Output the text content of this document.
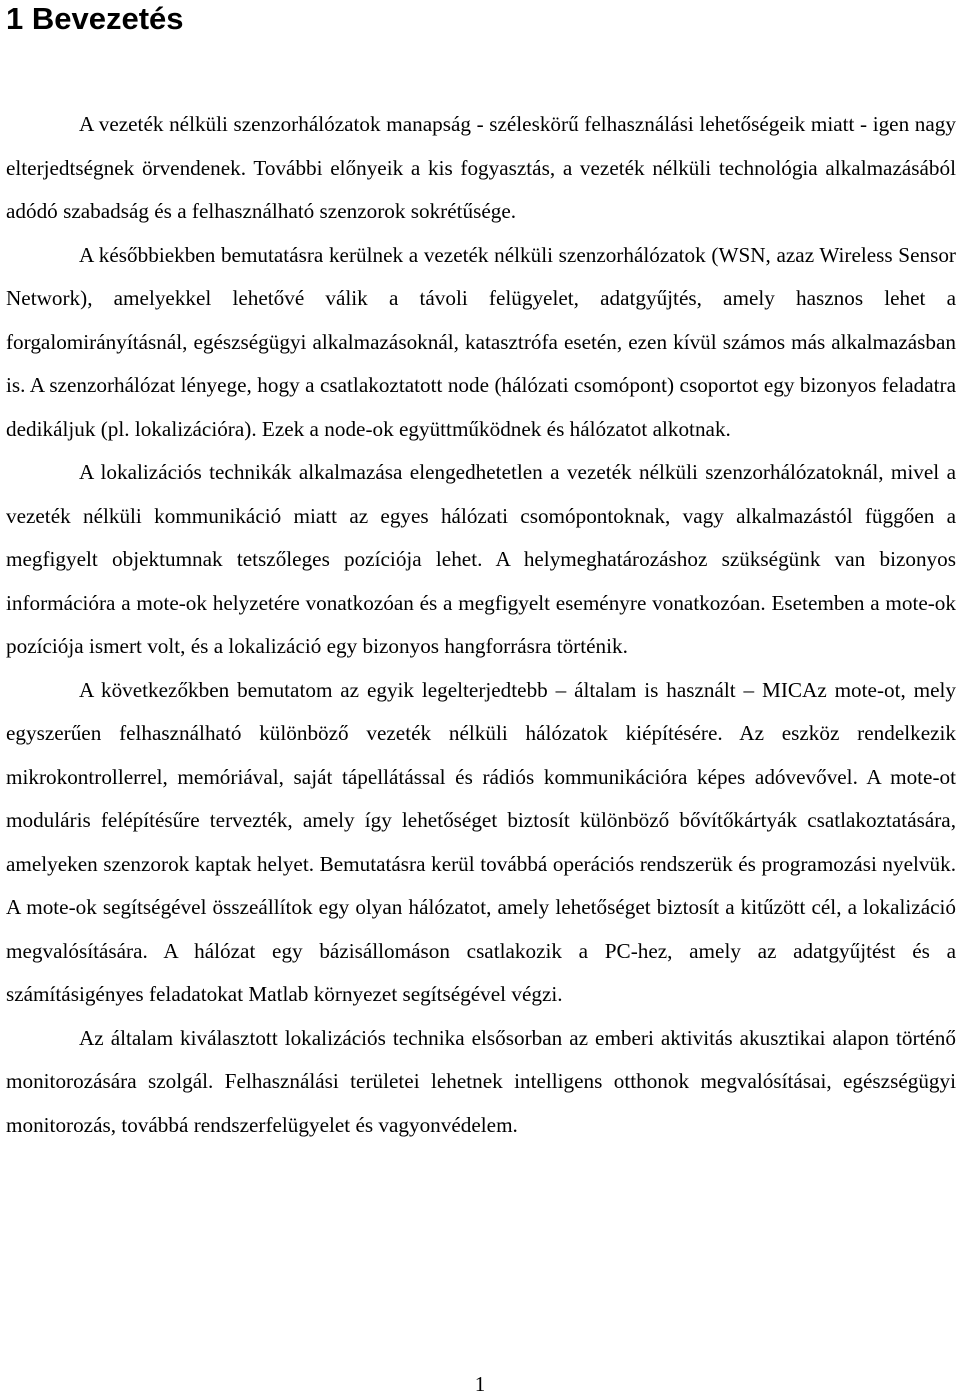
1 Bevezetés

A vezeték nélküli szenzorhálózatok manapság - széleskörű felhasználási lehetőségeik miatt - igen nagy elterjedtségnek örvendenek. További előnyeik a kis fogyasztás, a vezeték nélküli technológia alkalmazásából adódó szabadság és a felhasználható szenzorok sokrétűsége.

A későbbiekben bemutatásra kerülnek a vezeték nélküli szenzorhálózatok (WSN, azaz Wireless Sensor Network), amelyekkel lehetővé válik a távoli felügyelet, adatgyűjtés, amely hasznos lehet a forgalomirányításnál, egészségügyi alkalmazásoknál, katasztrófa esetén, ezen kívül számos más alkalmazásban is. A szenzorhálózat lényege, hogy a csatlakoztatott node (hálózati csomópont) csoportot egy bizonyos feladatra dedikáljuk (pl. lokalizációra). Ezek a node-ok együttműködnek és hálózatot alkotnak.

A lokalizációs technikák alkalmazása elengedhetetlen a vezeték nélküli szenzorhálózatoknál, mivel a vezeték nélküli kommunikáció miatt az egyes hálózati csomópontoknak, vagy alkalmazástól függően a megfigyelt objektumnak tetszőleges pozíciója lehet. A helymeghatározáshoz szükségünk van bizonyos információra a mote-ok helyzetére vonatkozóan és a megfigyelt eseményre vonatkozóan. Esetemben a mote-ok pozíciója ismert volt, és a lokalizáció egy bizonyos hangforrásra történik.

A következőkben bemutatom az egyik legelterjedtebb – általam is használt – MICAz mote-ot, mely egyszerűen felhasználható különböző vezeték nélküli hálózatok kiépítésére. Az eszköz rendelkezik mikrokontrollerrel, memóriával, saját tápellátással és rádiós kommunikációra képes adóvevővel. A mote-ot moduláris felépítésűre tervezték, amely így lehetőséget biztosít különböző bővítőkártyák csatlakoztatására, amelyeken szenzorok kaptak helyet. Bemutatásra kerül továbbá operációs rendszerük és programozási nyelvük. A mote-ok segítségével összeállítok egy olyan hálózatot, amely lehetőséget biztosít a kitűzött cél, a lokalizáció megvalósítására. A hálózat egy bázisállomáson csatlakozik a PC-hez, amely az adatgyűjtést és a számításigényes feladatokat Matlab környezet segítségével végzi.

Az általam kiválasztott lokalizációs technika elsősorban az emberi aktivitás akusztikai alapon történő monitorozására szolgál. Felhasználási területei lehetnek intelligens otthonok megvalósításai, egészségügyi monitorozás, továbbá rendszerfelügyelet és vagyonvédelem.

1
